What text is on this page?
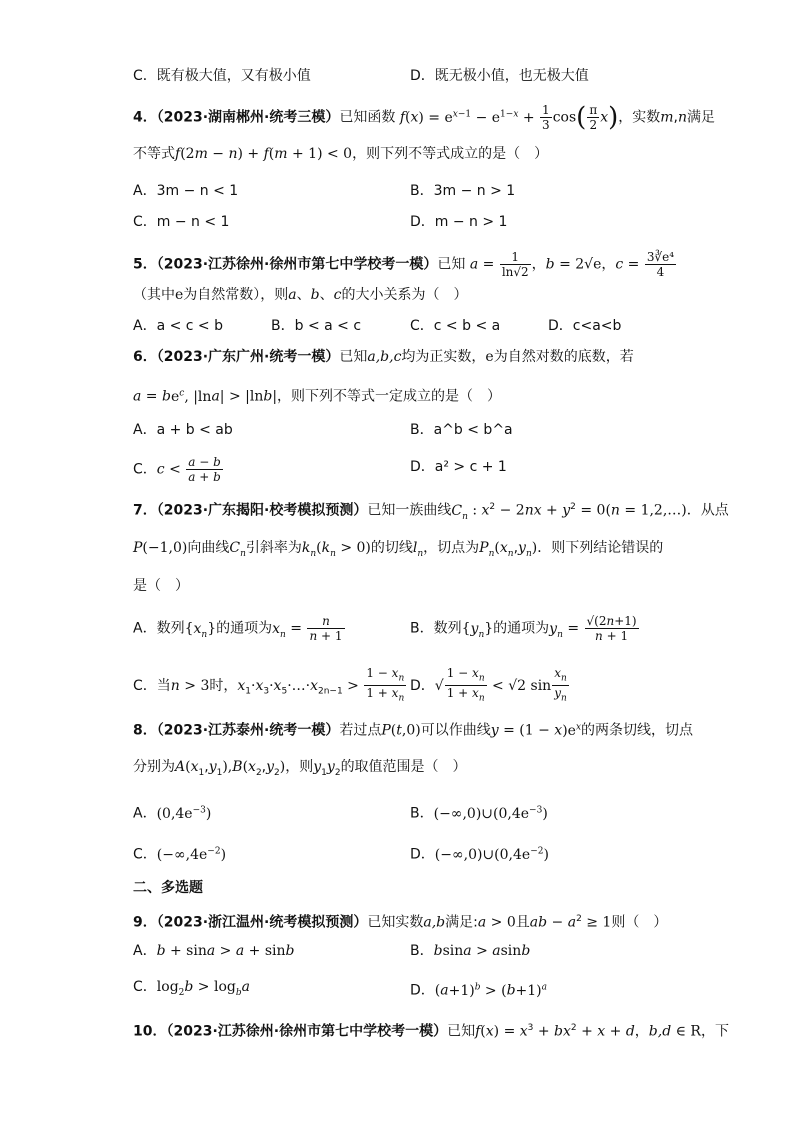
C．既有极大值，又有极小值	D．既无极小值，也无极大值
4．（2023·湖南郴州·统考三模）已知函数 $f(x) = e^{x-1} - e^{1-x} + \frac{1}{3} \cos( \frac{\pi}{2} x)$，实数m,n满足
不等式f(2m − n) + f(m + 1) < 0，则下列不等式成立的是（　）
A．3m − n < 1	B．3m − n > 1
C．m − n < 1	D．m − n > 1
5．（2023·江苏徐州·徐州市第七中学校考一模）已知 $a = \frac{1}{\ln√2}$ ，b = 2√e，$c = \frac{\text{3∛e⁴}}{4}$
（其中e为自然常数），则a、b、c的大小关系为（　）
A．a < c < b	B．b < a < c	C．c < b < a	D．c<a<b
6．（2023·广东广州·统考一模）已知a,b,c均为正实数，e为自然对数的底数，若
$a = be^c$, |lna| > |lnb|，则下列不等式一定成立的是（　）
A．a + b < ab	B．a^b < b^a
C．$c < \frac{a - b}{a + b}$	D．a² > c + 1
7．（2023·广东揭阳·校考模拟预测）已知一族曲线$C_n$ : $x^2 - 2nx + y^2 = 0(n$ = 1,2,…)．从点
P(−1,0)向曲线$C_n$引斜率为$k_n(k_n > 0)$的切线$l_n$，切点为$P_n(x_n,y_n)$．则下列结论错误的
是（　）
A．数列$\{x_n\}$的通项为$x_n = \frac{n}{n + 1}$	B．数列$\{y_n\}$的通项为$y_n = \frac{√(2n+1)}{n + 1}$
C．当n > 3时，$x_1\cdot x_3\cdot x_5\cdot\dots\cdot x_{2n-1} > \frac{1 - x_n}{1 + x_n}$ D．√ $\frac{1 - x_n}{1 + x_n} < √2$ $\sin \frac{x_n}{y_n}$
8．（2023·江苏泰州·统考一模）若过点P(t,0)可以作曲线$y = (1 - x)e^x$的两条切线，切点
分别为$A(x_1,y_1),B(x_2,y_2)$，则$y_1y_2$的取值范围是（　）
A．$(0,4e^{-3})$	B．$(-\infty,0)\cup(0,4e^{-3})$
C．$(-\infty,4e^{-2})$	D．$(-\infty,0)\cup(0,4e^{-2})$
二、多选题
9．（2023·浙江温州·统考模拟预测）已知实数a,b满足:a > 0且ab − $a^2 \ge 1$则（　）
A．b + sina > a + sinb	B．bsina > asinb
C．$\log_2b > \log_ba$	D．$(a+1)^b > (b+1)^a$
10．（2023·江苏徐州·徐州市第七中学校考一模）已知$f(x) = x^3 + bx^2 + x + d$，b,d ∈ R，下
